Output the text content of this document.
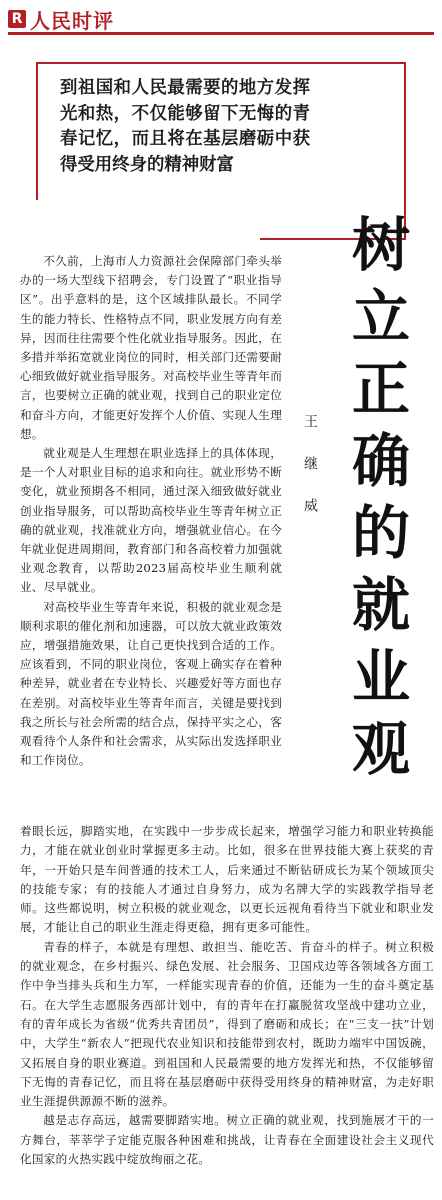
R 人民时评

到祖国和人民最需要的地方发挥光和热，不仅能够留下无悔的青春记忆，而且将在基层磨砺中获得受用终身的精神财富

树立正确的就业观
王 继 威

不久前，上海市人力资源社会保障部门牵头举办的一场大型线下招聘会，专门设置了“职业指导区”。出乎意料的是，这个区域排队最长。不同学生的能力特长、性格特点不同，职业发展方向有差异，因而往往需要个性化就业指导服务。因此，在多措并举拓宽就业岗位的同时，相关部门还需要耐心细致做好就业指导服务。对高校毕业生等青年而言，也要树立正确的就业观，找到自己的职业定位和奋斗方向，才能更好发挥个人价值、实现人生理想。

就业观是人生理想在职业选择上的具体体现，是一个人对职业目标的追求和向往。就业形势不断变化，就业预期各不相同，通过深入细致做好就业创业指导服务，可以帮助高校毕业生等青年树立正确的就业观，找准就业方向，增强就业信心。在今年就业促进周期间，教育部门和各高校着力加强就业观念教育，以帮助2023届高校毕业生顺利就业、尽早就业。

对高校毕业生等青年来说，积极的就业观念是顺利求职的催化剂和加速器，可以放大就业政策效应，增强措施效果，让自己更快找到合适的工作。应该看到，不同的职业岗位，客观上确实存在着种种差异，就业者在专业特长、兴趣爱好等方面也存在差别。对高校毕业生等青年而言，关键是要找到我之所长与社会所需的结合点，保持平实之心，客观看待个人条件和社会需求，从实际出发选择职业和工作岗位。

着眼长远，脚踏实地，在实践中一步步成长起来，增强学习能力和职业转换能力，才能在就业创业时掌握更多主动。比如，很多在世界技能大赛上获奖的青年，一开始只是车间普通的技术工人，后来通过不断钻研成长为某个领域顶尖的技能专家；有的技能人才通过自身努力，成为名牌大学的实践教学指导老师。这些都说明，树立积极的就业观念，以更长远视角看待当下就业和职业发展，才能让自己的职业生涯走得更稳，拥有更多可能性。

青春的样子，本就是有理想、敢担当、能吃苦、肯奋斗的样子。树立积极的就业观念，在乡村振兴、绿色发展、社会服务、卫国戍边等各领域各方面工作中争当排头兵和生力军，一样能实现青春的价值，还能为一生的奋斗奠定基石。在大学生志愿服务西部计划中，有的青年在打赢脱贫攻坚战中建功立业，有的青年成长为省级“优秀共青团员”，得到了磨砺和成长；在“三支一扶”计划中，大学生“新农人”把现代农业知识和技能带到农村，既助力端牢中国饭碗，又拓展自身的职业赛道。到祖国和人民最需要的地方发挥光和热，不仅能够留下无悔的青春记忆，而且将在基层磨砺中获得受用终身的精神财富，为走好职业生涯提供源源不断的滋养。

越是志存高远，越需要脚踏实地。树立正确的就业观，找到施展才干的一方舞台，莘莘学子定能克服各种困难和挑战，让青春在全面建设社会主义现代化国家的火热实践中绽放绚丽之花。
